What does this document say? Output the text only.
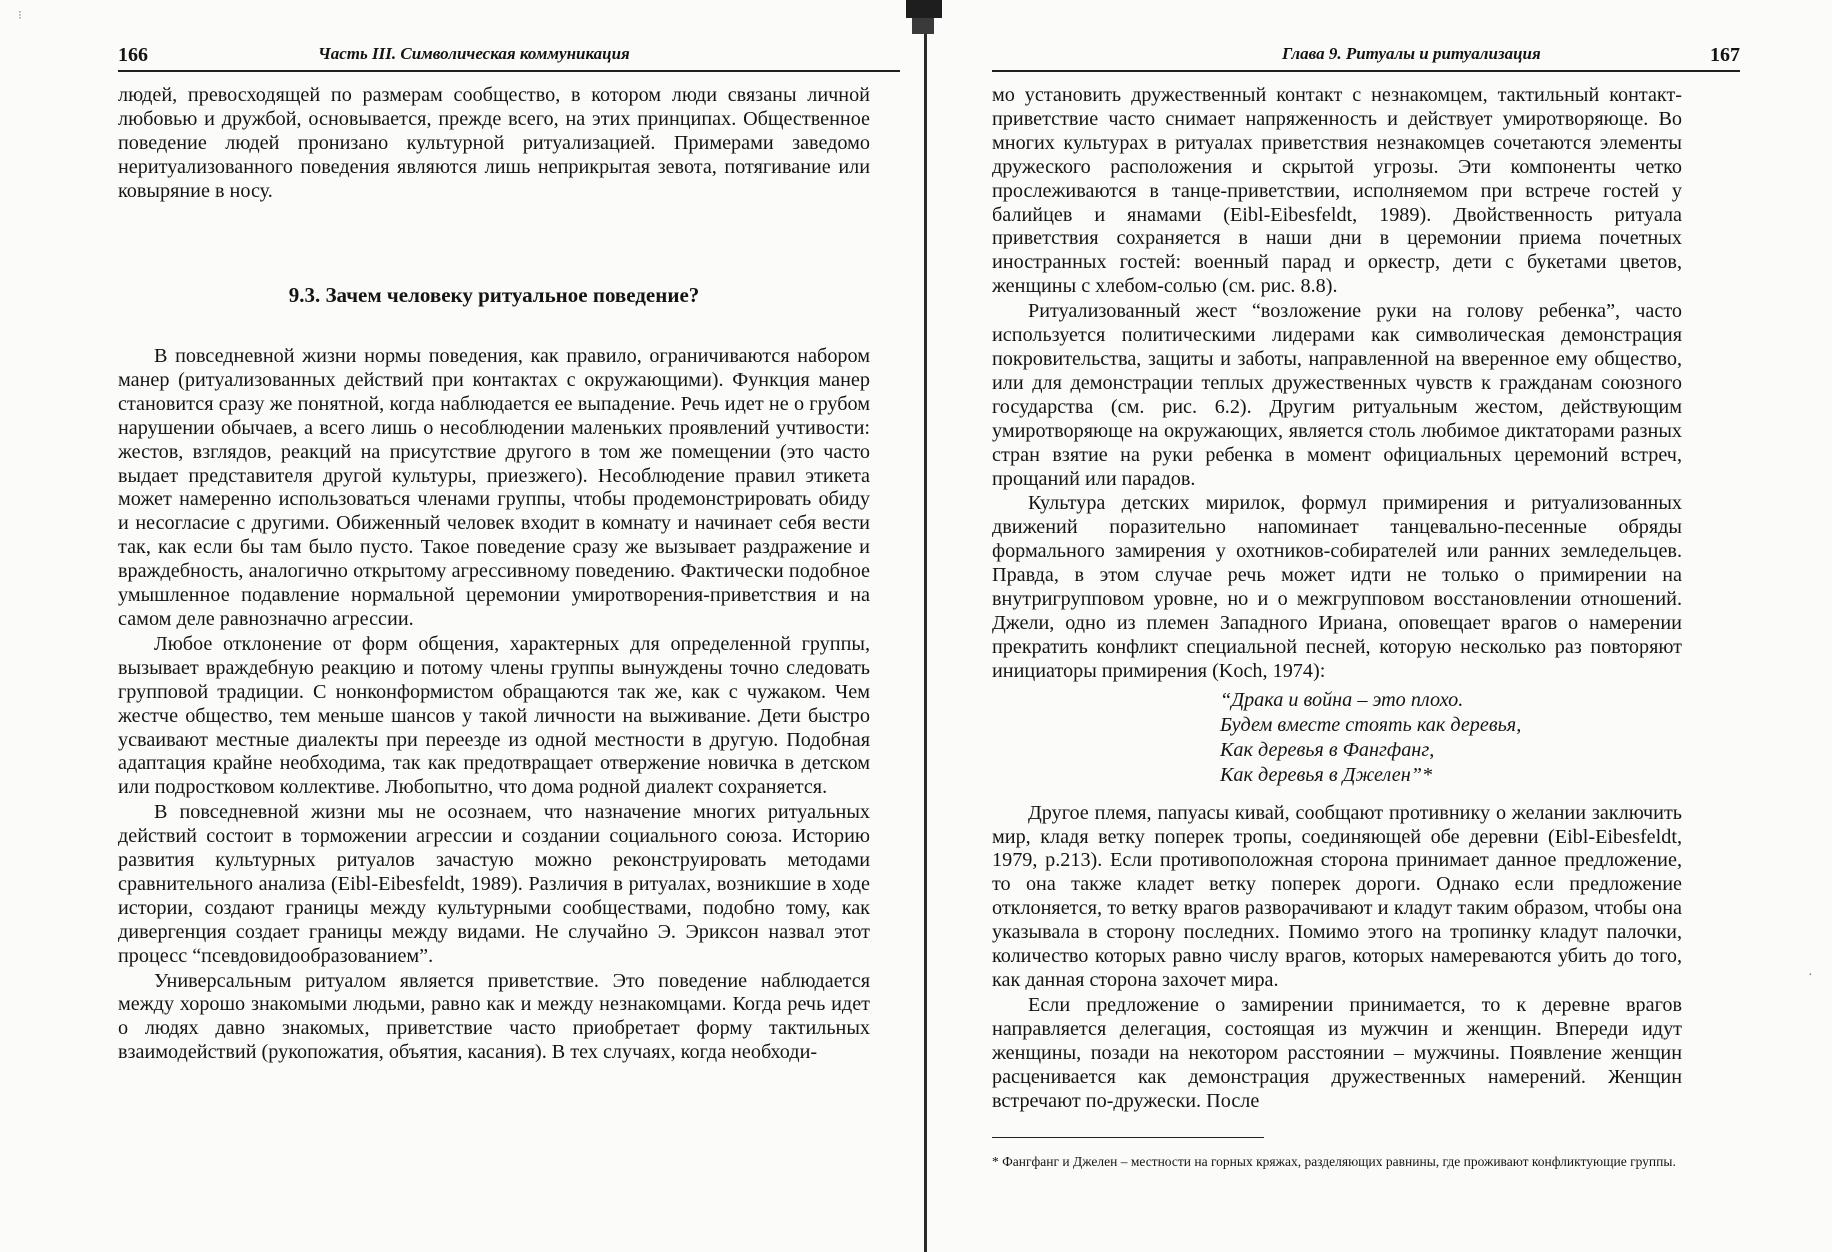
⁝
166	Часть III. Символическая коммуникация

людей, превосходящей по размерам сообщество, в котором люди связаны личной любовью и дружбой, основывается, прежде всего, на этих принципах. Общественное поведение людей пронизано культурной ритуализацией. Примерами заведомо неритуализованного поведения являются лишь неприкрытая зевота, потягивание или ковыряние в носу.

9.3. Зачем человеку ритуальное поведение?

В повседневной жизни нормы поведения, как правило, ограничиваются набором манер (ритуализованных действий при контактах с окружающими). Функция манер становится сразу же понятной, когда наблюдается ее выпадение. Речь идет не о грубом нарушении обычаев, а всего лишь о несоблюдении маленьких проявлений учтивости: жестов, взглядов, реакций на присутствие другого в том же помещении (это часто выдает представителя другой культуры, приезжего). Несоблюдение правил этикета может намеренно использоваться членами группы, чтобы продемонстрировать обиду и несогласие с другими. Обиженный человек входит в комнату и начинает себя вести так, как если бы там было пусто. Такое поведение сразу же вызывает раздражение и враждебность, аналогично открытому агрессивному поведению. Фактически подобное умышленное подавление нормальной церемонии умиротворения-приветствия и на самом деле равнозначно агрессии.

Любое отклонение от форм общения, характерных для определенной группы, вызывает враждебную реакцию и потому члены группы вынуждены точно следовать групповой традиции. С нонконформистом обращаются так же, как с чужаком. Чем жестче общество, тем меньше шансов у такой личности на выживание. Дети быстро усваивают местные диалекты при переезде из одной местности в другую. Подобная адаптация крайне необходима, так как предотвращает отвержение новичка в детском или подростковом коллективе. Любопытно, что дома родной диалект сохраняется.

В повседневной жизни мы не осознаем, что назначение многих ритуальных действий состоит в торможении агрессии и создании социального союза. Историю развития культурных ритуалов зачастую можно реконструировать методами сравнительного анализа (Eibl-Eibesfeldt, 1989). Различия в ритуалах, возникшие в ходе истории, создают границы между культурными сообществами, подобно тому, как дивергенция создает границы между видами. Не случайно Э. Эриксон назвал этот процесс “псевдовидообразованием”.

Универсальным ритуалом является приветствие. Это поведение наблюдается между хорошо знакомыми людьми, равно как и между незнакомцами. Когда речь идет о людях давно знакомых, приветствие часто приобретает форму тактильных взаимодействий (рукопожатия, объятия, касания). В тех случаях, когда необходи-

Глава 9. Ритуалы и ритуализация	167

мо установить дружественный контакт с незнакомцем, тактильный контакт-приветствие часто снимает напряженность и действует умиротворяюще. Во многих культурах в ритуалах приветствия незнакомцев сочетаются элементы дружеского расположения и скрытой угрозы. Эти компоненты четко прослеживаются в танце-приветствии, исполняемом при встрече гостей у балийцев и янамами (Eibl-Eibesfeldt, 1989). Двойственность ритуала приветствия сохраняется в наши дни в церемонии приема почетных иностранных гостей: военный парад и оркестр, дети с букетами цветов, женщины с хлебом-солью (см. рис. 8.8).

Ритуализованный жест “возложение руки на голову ребенка”, часто используется политическими лидерами как символическая демонстрация покровительства, защиты и заботы, направленной на вверенное ему общество, или для демонстрации теплых дружественных чувств к гражданам союзного государства (см. рис. 6.2). Другим ритуальным жестом, действующим умиротворяюще на окружающих, является столь любимое диктаторами разных стран взятие на руки ребенка в момент официальных церемоний встреч, прощаний или парадов.

Культура детских мирилок, формул примирения и ритуализованных движений поразительно напоминает танцевально-песенные обряды формального замирения у охотников-собирателей или ранних земледельцев. Правда, в этом случае речь может идти не только о примирении на внутригрупповом уровне, но и о межгрупповом восстановлении отношений. Джели, одно из племен Западного Ириана, оповещает врагов о намерении прекратить конфликт специальной песней, которую несколько раз повторяют инициаторы примирения (Koch, 1974):

“Драка и война – это плохо.
Будем вместе стоять как деревья,
Как деревья в Фангфанг,
Как деревья в Джелен”*

Другое племя, папуасы кивай, сообщают противнику о желании заключить мир, кладя ветку поперек тропы, соединяющей обе деревни (Eibl-Eibesfeldt, 1979, p.213). Если противоположная сторона принимает данное предложение, то она также кладет ветку поперек дороги. Однако если предложение отклоняется, то ветку врагов разворачивают и кладут таким образом, чтобы она указывала в сторону последних. Помимо этого на тропинку кладут палочки, количество которых равно числу врагов, которых намереваются убить до того, как данная сторона захочет мира.

Если предложение о замирении принимается, то к деревне врагов направляется делегация, состоящая из мужчин и женщин. Впереди идут женщины, позади на некотором расстоянии – мужчины. Появление женщин расценивается как демонстрация дружественных намерений. Женщин встречают по-дружески. После

* Фангфанг и Джелен – местности на горных кряжах, разделяющих равнины, где проживают конфликтующие группы.
·
